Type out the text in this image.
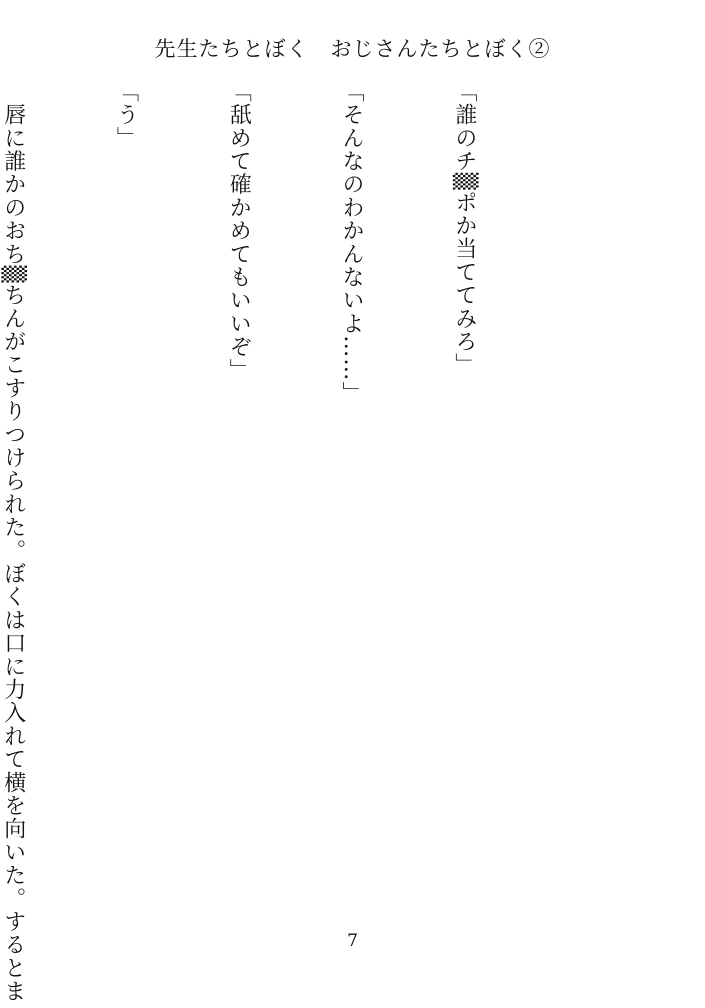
先生たちとぼく　おじさんたちとぼく②

「誰のチ▒ポか当ててみろ」

「そんなのわかんないよ……」

「舐めて確かめてもいいぞ」

「う」

　唇に誰かのおち▒ちんがこすりつけられた。ぼくは口に力入れて横を向いた。するとま

	7
